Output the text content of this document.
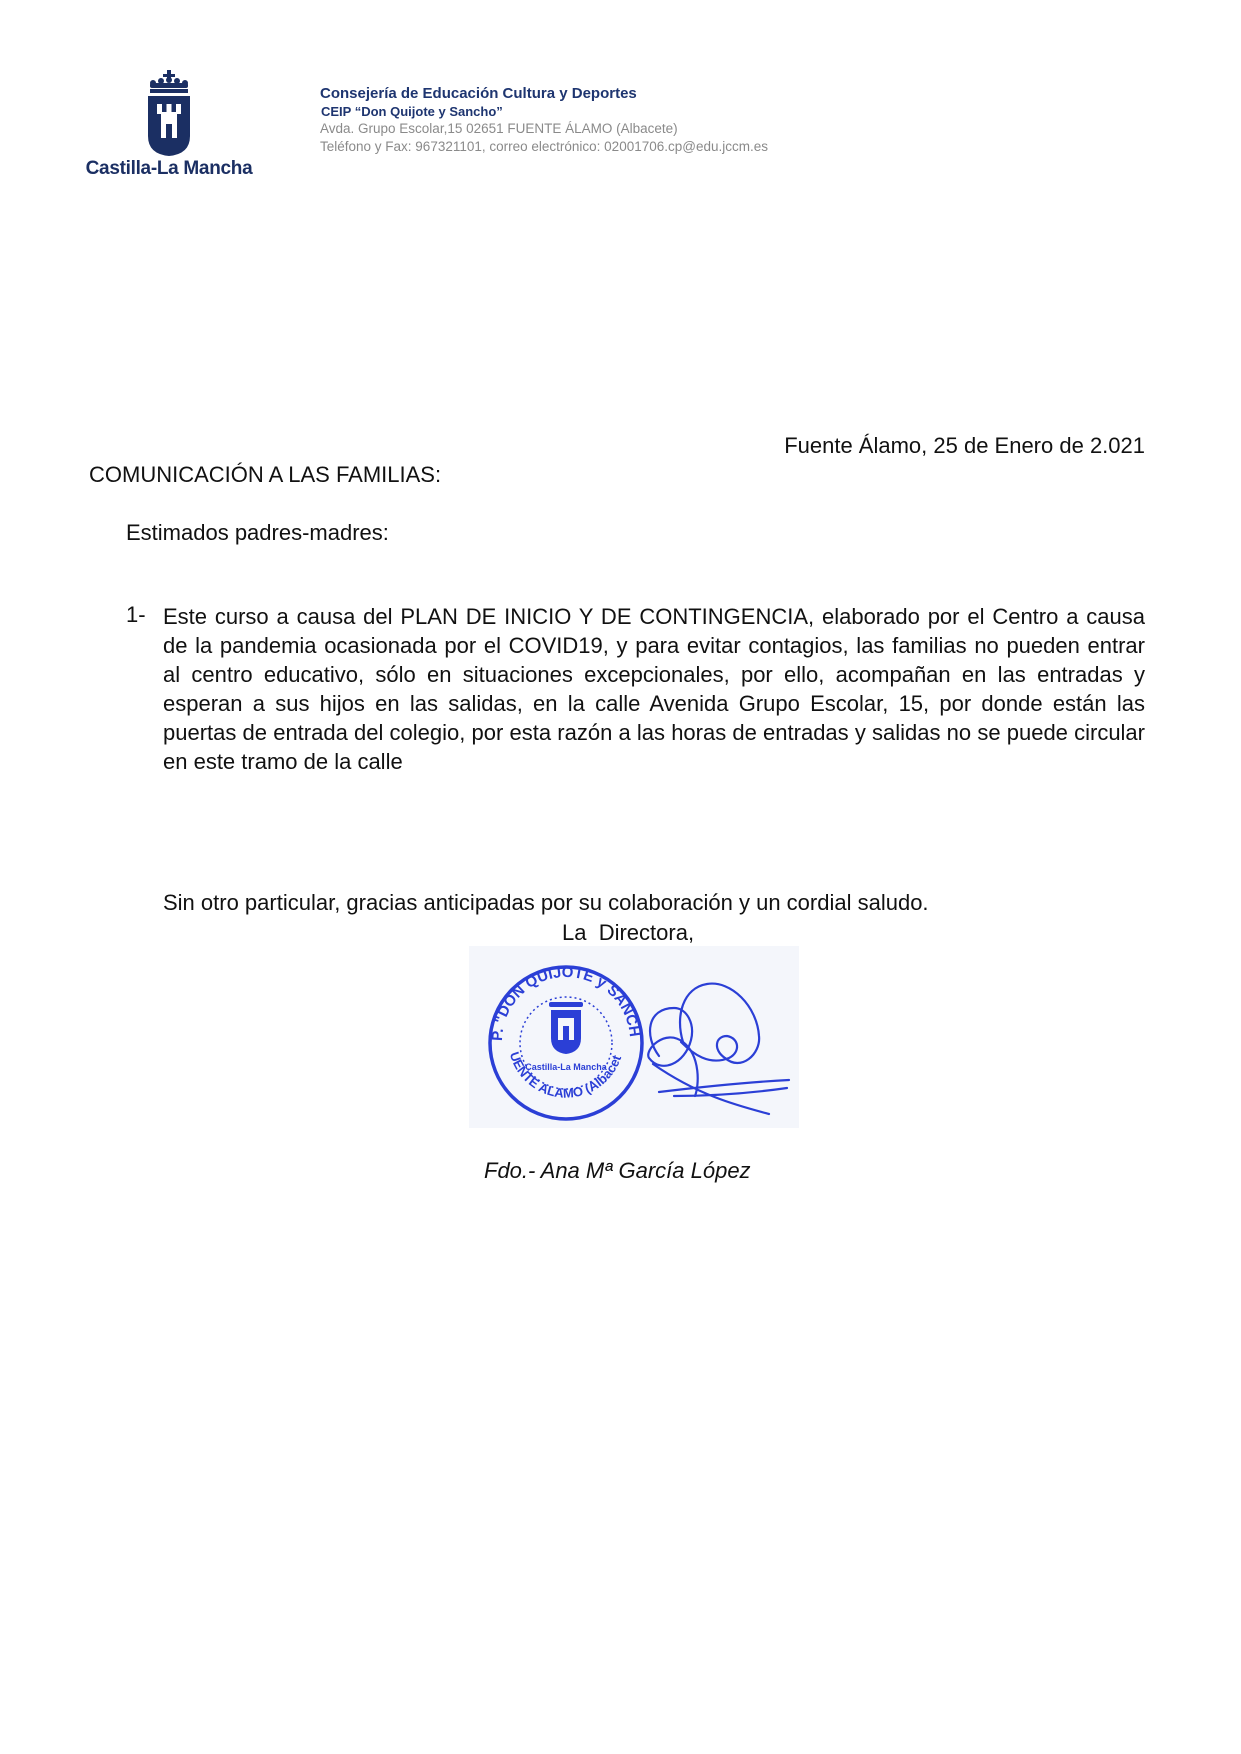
Castilla-La Mancha
Consejería de Educación Cultura y Deportes
CEIP “Don Quijote y Sancho”
Avda. Grupo Escolar,15 02651 FUENTE ÁLAMO (Albacete)
Teléfono y Fax: 967321101, correo electrónico: 02001706.cp@edu.jccm.es
Fuente Álamo, 25 de Enero de 2.021
COMUNICACIÓN A LAS FAMILIAS:
Estimados padres-madres:
1- Este curso a causa del PLAN DE INICIO Y DE CONTINGENCIA, elaborado por el Centro a causa de la pandemia ocasionada por el COVID19, y para evitar contagios, las familias no pueden entrar al centro educativo, sólo en situaciones excepcionales, por ello, acompañan en las entradas y esperan a sus hijos en las salidas, en la calle Avenida Grupo Escolar, 15, por donde están las puertas de entrada del colegio, por esta razón a las horas de entradas y salidas no se puede circular en este tramo de la calle
Sin otro particular, gracias anticipadas por su colaboración y un cordial saludo.
La  Directora,
P. "DON QUIJOTE y SANCH
UENTE ALAMO (Albacet
Castilla-La Mancha
Fdo.- Ana Mª García López
